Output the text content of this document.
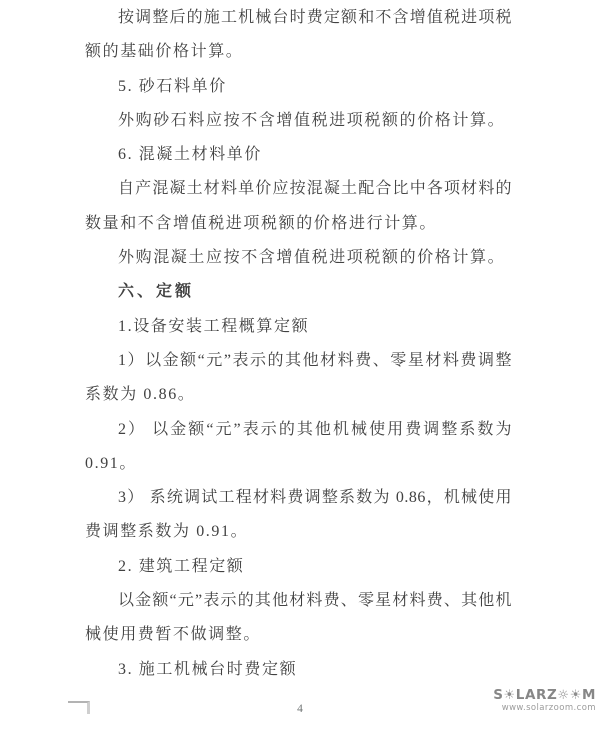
按调整后的施工机械台时费定额和不含增值税进项税
额的基础价格计算。
5. 砂石料单价
外购砂石料应按不含增值税进项税额的价格计算。
6. 混凝土材料单价
自产混凝土材料单价应按混凝土配合比中各项材料的
数量和不含增值税进项税额的价格进行计算。
外购混凝土应按不含增值税进项税额的价格计算。
六、定额
1.设备安装工程概算定额
1）以金额“元”表示的其他材料费、零星材料费调整
系数为 0.86。
2） 以金额“元”表示的其他机械使用费调整系数为
0.91。
3） 系统调试工程材料费调整系数为 0.86，机械使用
费调整系数为 0.91。
2. 建筑工程定额
以金额“元”表示的其他材料费、零星材料费、其他机
械使用费暂不做调整。
3. 施工机械台时费定额
4
S☀LARZ☼☀M
www.solarzoom.com
